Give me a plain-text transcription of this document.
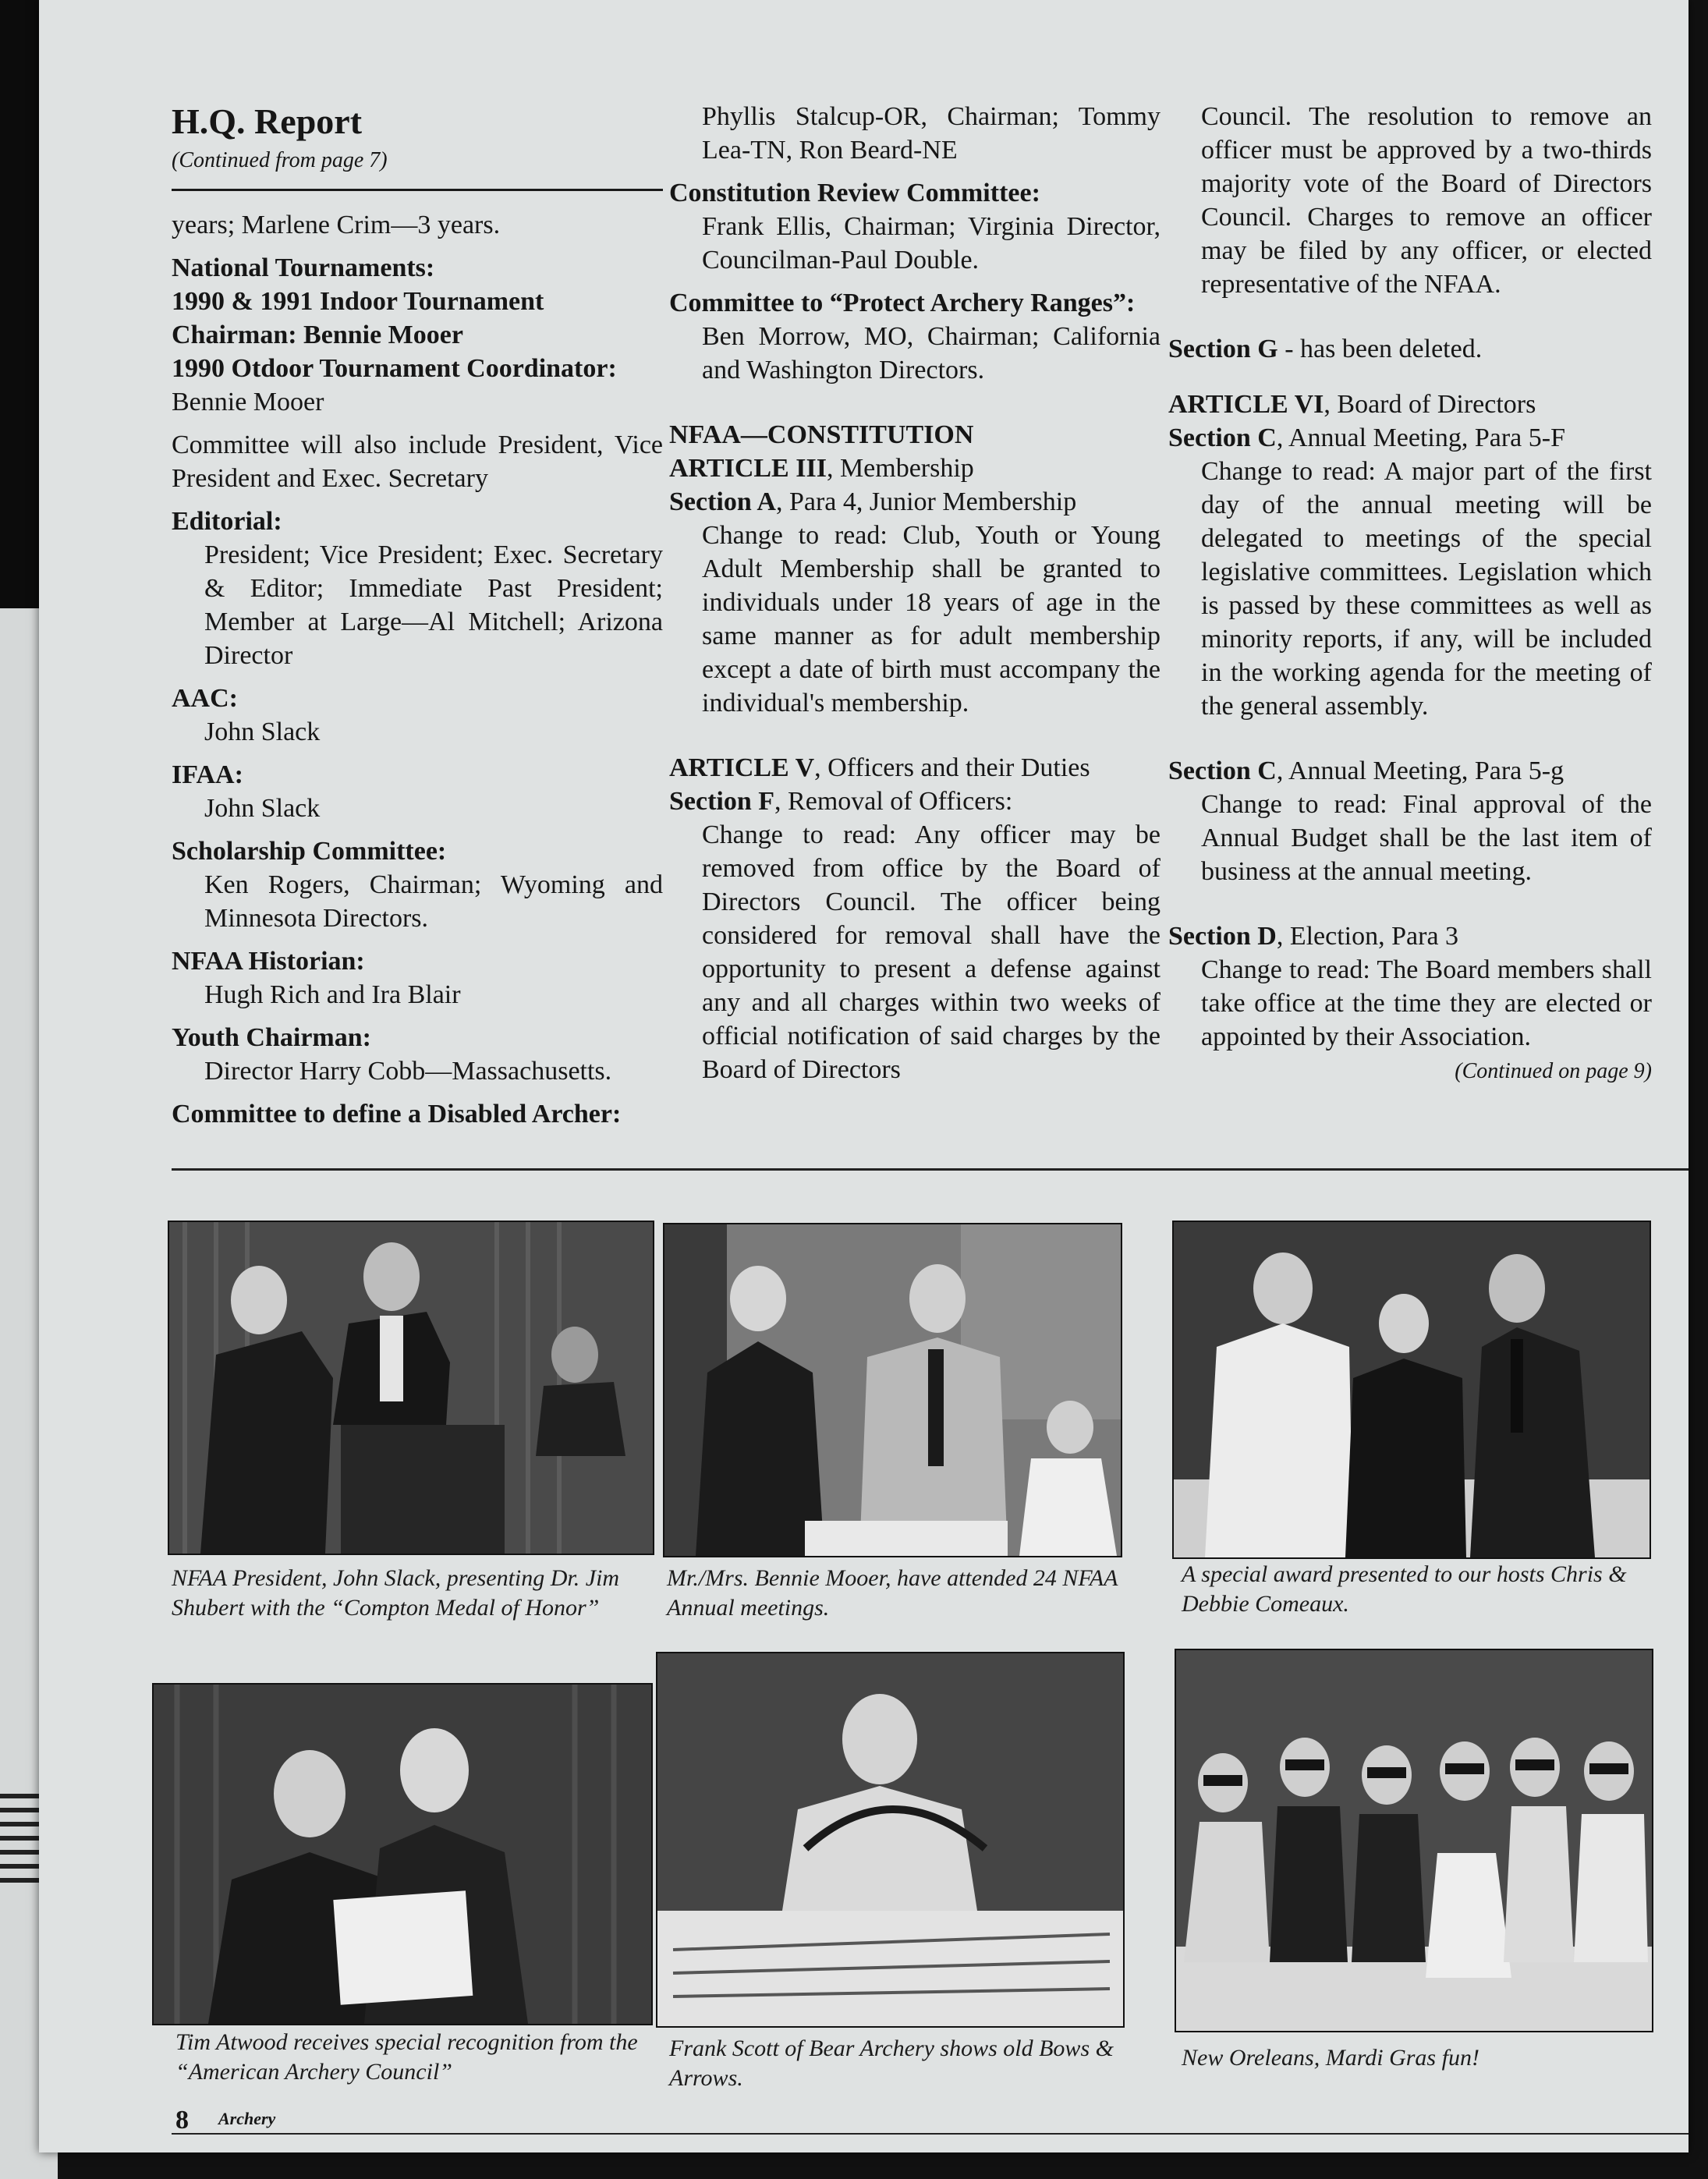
H.Q. Report
(Continued from page 7)
years; Marlene Crim—3 years.
National Tournaments:
1990 & 1991 Indoor Tournament Chairman: Bennie Mooer
1990 Otdoor Tournament Coordinator:
Bennie Mooer
Committee will also include President, Vice President and Exec. Secretary
Editorial:
President; Vice President; Exec. Secretary & Editor; Immediate Past President; Member at Large—Al Mitchell; Arizona Director
AAC:
John Slack
IFAA:
John Slack
Scholarship Committee:
Ken Rogers, Chairman; Wyoming and Minnesota Directors.
NFAA Historian:
Hugh Rich and Ira Blair
Youth Chairman:
Director Harry Cobb—Massachusetts.
Committee to define a Disabled Archer:
Phyllis Stalcup-OR, Chairman; Tommy Lea-TN, Ron Beard-NE
Constitution Review Committee:
Frank Ellis, Chairman; Virginia Director, Councilman-Paul Double.
Committee to “Protect Archery Ranges”:
Ben Morrow, MO, Chairman; California and Washington Directors.
NFAA—CONSTITUTION
ARTICLE III, Membership
Section A, Para 4, Junior Membership
Change to read: Club, Youth or Young Adult Membership shall be granted to individuals under 18 years of age in the same manner as for adult membership except a date of birth must accompany the individual's membership.
ARTICLE V, Officers and their Duties
Section F, Removal of Officers:
Change to read: Any officer may be removed from office by the Board of Directors Council. The officer being considered for removal shall have the opportunity to present a defense against any and all charges within two weeks of official notification of said charges by the Board of Directors
Council. The resolution to remove an officer must be approved by a two-thirds majority vote of the Board of Directors Council. Charges to remove an officer may be filed by any officer, or elected representative of the NFAA.
Section G - has been deleted.
ARTICLE VI, Board of Directors
Section C, Annual Meeting, Para 5-F
Change to read: A major part of the first day of the annual meeting will be delegated to meetings of the special legislative committees. Legislation which is passed by these committees as well as minority reports, if any, will be included in the working agenda for the meeting of the general assembly.
Section C, Annual Meeting, Para 5-g
Change to read: Final approval of the Annual Budget shall be the last item of business at the annual meeting.
Section D, Election, Para 3
Change to read: The Board members shall take office at the time they are elected or appointed by their Association.
(Continued on page 9)
NFAA President, John Slack, presenting Dr. Jim Shubert with the “Compton Medal of Honor”
Mr./Mrs. Bennie Mooer, have attended 24 NFAA Annual meetings.
A special award presented to our hosts Chris & Debbie Comeaux.
Tim Atwood receives special recognition from the “American Archery Council”
Frank Scott of Bear Archery shows old Bows & Arrows.
New Oreleans, Mardi Gras fun!
8 Archery
